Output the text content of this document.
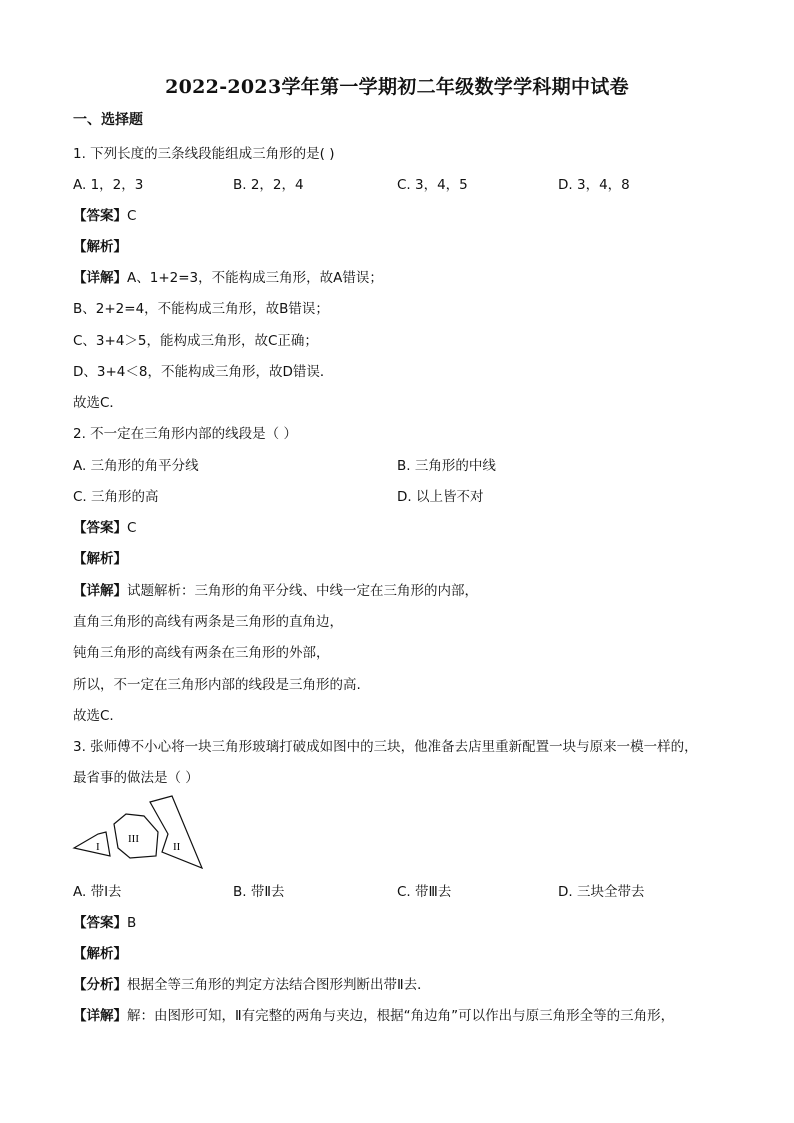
2022-2023学年第一学期初二年级数学学科期中试卷
一、选择题
1. 下列长度的三条线段能组成三角形的是( )
A. 1，2，3	B. 2，2，4	C. 3，4，5	D. 3，4，8
【答案】C
【解析】
【详解】A、1+2=3，不能构成三角形，故A错误；
B、2+2=4，不能构成三角形，故B错误；
C、3+4＞5，能构成三角形，故C正确；
D、3+4＜8，不能构成三角形，故D错误．
故选C．
2. 不一定在三角形内部的线段是（ ）
A. 三角形的角平分线	B. 三角形的中线
C. 三角形的高	D. 以上皆不对
【答案】C
【解析】
【详解】试题解析：三角形的角平分线、中线一定在三角形的内部，
直角三角形的高线有两条是三角形的直角边，
钝角三角形的高线有两条在三角形的外部，
所以，不一定在三角形内部的线段是三角形的高.
故选C.
3. 张师傅不小心将一块三角形玻璃打破成如图中的三块，他准备去店里重新配置一块与原来一模一样的，
最省事的做法是（ ）
I
III
II
A. 带Ⅰ去	B. 带Ⅱ去	C. 带Ⅲ去	D. 三块全带去
【答案】B
【解析】
【分析】根据全等三角形的判定方法结合图形判断出带Ⅱ去．
【详解】解：由图形可知，Ⅱ有完整的两角与夹边，根据“角边角”可以作出与原三角形全等的三角形，
